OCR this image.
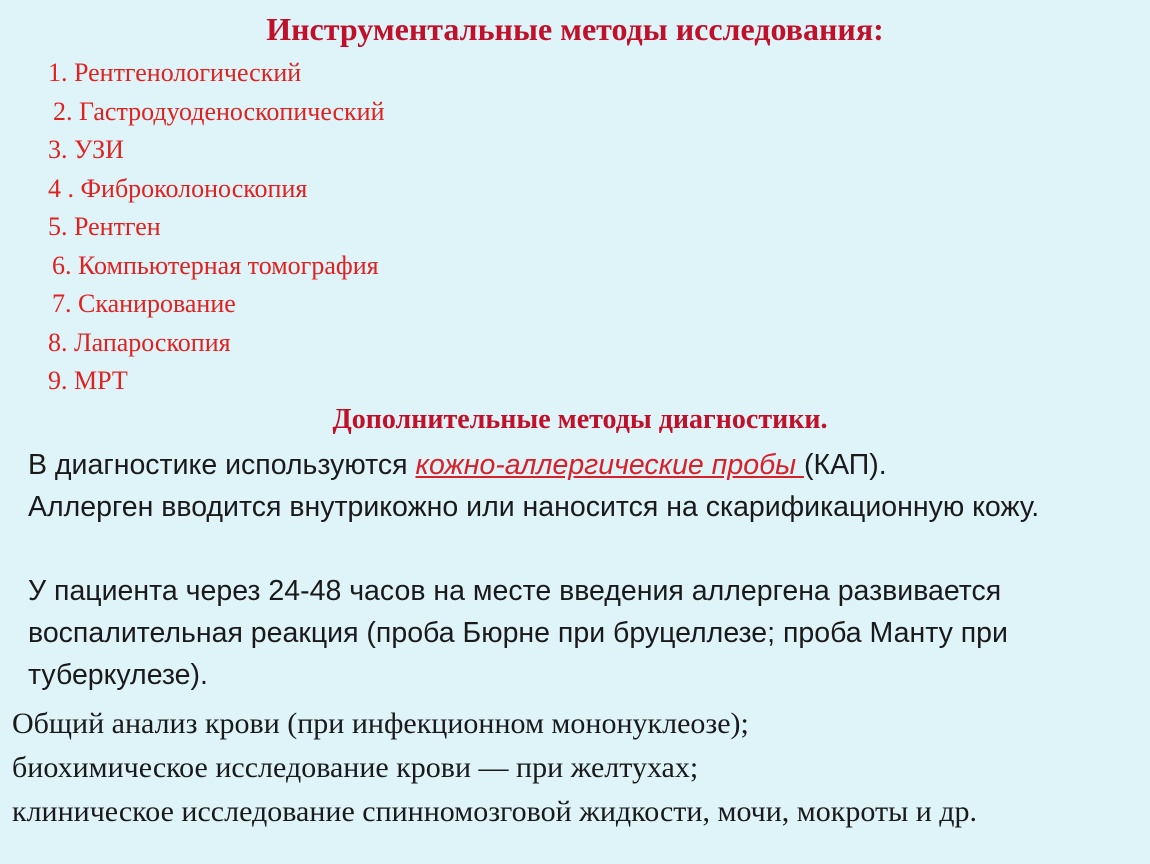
Инструментальные методы исследования:
1. Рентгенологический
2. Гастродуоденоскопический
3. УЗИ
4 . Фиброколоноскопия
5. Рентген
6. Компьютерная томография
7. Сканирование
8. Лапароскопия
9. МРТ
Дополнительные методы диагностики.

В диагностике используются кожно-аллергические пробы (КАП).

Аллерген вводится внутрикожно или наносится на скарификационную кожу.

У пациента через 24-48 часов на месте введения аллергена развивается воспалительная реакция (проба Бюрне при бруцеллезе; проба Манту при туберкулезе).

Общий анализ крови (при инфекционном мононуклеозе);
биохимическое исследование крови — при желтухах;
клиническое исследование спинномозговой жидкости, мочи, мокроты и др.
